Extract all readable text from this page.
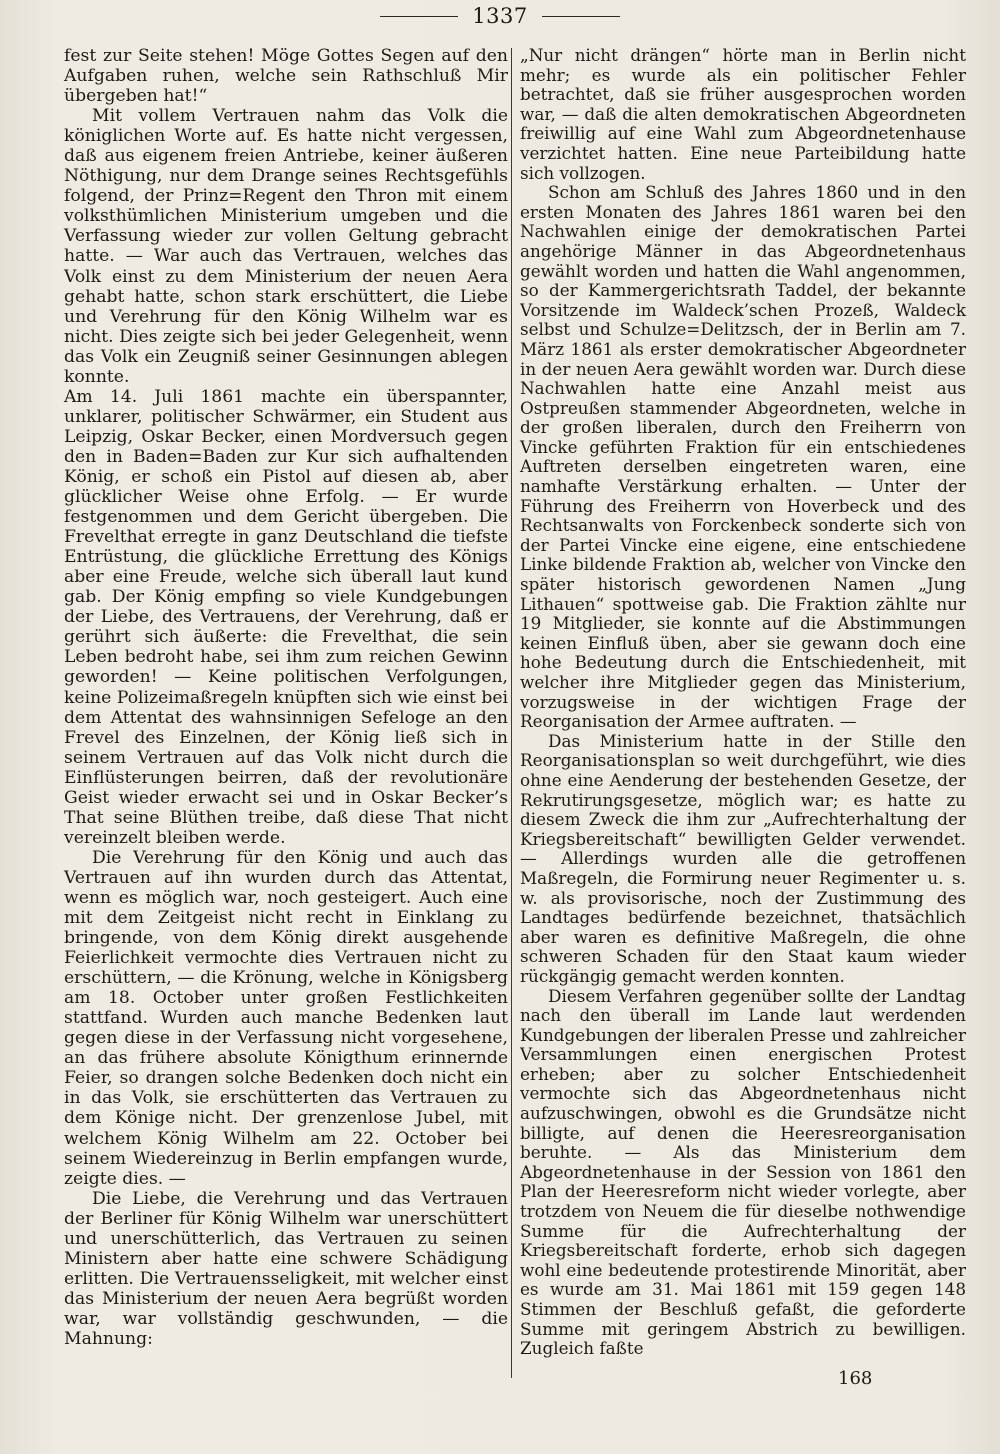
1337

fest zur Seite stehen! Möge Gottes Segen auf den Aufgaben ruhen, welche sein Rathschluß Mir übergeben hat!“

Mit vollem Vertrauen nahm das Volk die königlichen Worte auf. Es hatte nicht vergessen, daß aus eigenem freien Antriebe, keiner äußeren Nöthigung, nur dem Drange seines Rechtsgefühls folgend, der Prinz=Regent den Thron mit einem volksthümlichen Ministerium umgeben und die Verfassung wieder zur vollen Geltung gebracht hatte. — War auch das Vertrauen, welches das Volk einst zu dem Ministerium der neuen Aera gehabt hatte, schon stark erschüttert, die Liebe und Verehrung für den König Wilhelm war es nicht. Dies zeigte sich bei jeder Gelegenheit, wenn das Volk ein Zeugniß seiner Gesinnungen ablegen konnte.

Am 14. Juli 1861 machte ein überspannter, unklarer, politischer Schwärmer, ein Student aus Leipzig, Oskar Becker, einen Mordversuch gegen den in Baden=Baden zur Kur sich aufhaltenden König, er schoß ein Pistol auf diesen ab, aber glücklicher Weise ohne Erfolg. — Er wurde festgenommen und dem Gericht übergeben. Die Frevelthat erregte in ganz Deutschland die tiefste Entrüstung, die glückliche Errettung des Königs aber eine Freude, welche sich überall laut kund gab. Der König empfing so viele Kundgebungen der Liebe, des Vertrauens, der Verehrung, daß er gerührt sich äußerte: die Frevelthat, die sein Leben bedroht habe, sei ihm zum reichen Gewinn geworden! — Keine politischen Verfolgungen, keine Polizeimaßregeln knüpften sich wie einst bei dem Attentat des wahnsinnigen Sefeloge an den Frevel des Einzelnen, der König ließ sich in seinem Vertrauen auf das Volk nicht durch die Einflüsterungen beirren, daß der revolutionäre Geist wieder erwacht sei und in Oskar Becker’s That seine Blüthen treibe, daß diese That nicht vereinzelt bleiben werde.

Die Verehrung für den König und auch das Vertrauen auf ihn wurden durch das Attentat, wenn es möglich war, noch gesteigert. Auch eine mit dem Zeitgeist nicht recht in Einklang zu bringende, von dem König direkt ausgehende Feierlichkeit vermochte dies Vertrauen nicht zu erschüttern, — die Krönung, welche in Königsberg am 18. October unter großen Festlichkeiten stattfand. Wurden auch manche Bedenken laut gegen diese in der Verfassung nicht vorgesehene, an das frühere absolute Königthum erinnernde Feier, so drangen solche Bedenken doch nicht ein in das Volk, sie erschütterten das Vertrauen zu dem Könige nicht. Der grenzenlose Jubel, mit welchem König Wilhelm am 22. October bei seinem Wiedereinzug in Berlin empfangen wurde, zeigte dies. —

Die Liebe, die Verehrung und das Vertrauen der Berliner für König Wilhelm war unerschüttert und unerschütterlich, das Vertrauen zu seinen Ministern aber hatte eine schwere Schädigung erlitten. Die Vertrauensseligkeit, mit welcher einst das Ministerium der neuen Aera begrüßt worden war, war vollständig geschwunden, — die Mahnung:

„Nur nicht drängen“ hörte man in Berlin nicht mehr; es wurde als ein politischer Fehler betrachtet, daß sie früher ausgesprochen worden war, — daß die alten demokratischen Abgeordneten freiwillig auf eine Wahl zum Abgeordnetenhause verzichtet hatten. Eine neue Parteibildung hatte sich vollzogen.

Schon am Schluß des Jahres 1860 und in den ersten Monaten des Jahres 1861 waren bei den Nachwahlen einige der demokratischen Partei angehörige Männer in das Abgeordnetenhaus gewählt worden und hatten die Wahl angenommen, so der Kammergerichtsrath Taddel, der bekannte Vorsitzende im Waldeck’schen Prozeß, Waldeck selbst und Schulze=Delitzsch, der in Berlin am 7. März 1861 als erster demokratischer Abgeordneter in der neuen Aera gewählt worden war. Durch diese Nachwahlen hatte eine Anzahl meist aus Ostpreußen stammender Abgeordneten, welche in der großen liberalen, durch den Freiherrn von Vincke geführten Fraktion für ein entschiedenes Auftreten derselben eingetreten waren, eine namhafte Verstärkung erhalten. — Unter der Führung des Freiherrn von Hoverbeck und des Rechtsanwalts von Forckenbeck sonderte sich von der Partei Vincke eine eigene, eine entschiedene Linke bildende Fraktion ab, welcher von Vincke den später historisch gewordenen Namen „Jung Lithauen“ spottweise gab. Die Fraktion zählte nur 19 Mitglieder, sie konnte auf die Abstimmungen keinen Einfluß üben, aber sie gewann doch eine hohe Bedeutung durch die Entschiedenheit, mit welcher ihre Mitglieder gegen das Ministerium, vorzugsweise in der wichtigen Frage der Reorganisation der Armee auftraten. —

Das Ministerium hatte in der Stille den Reorganisationsplan so weit durchgeführt, wie dies ohne eine Aenderung der bestehenden Gesetze, der Rekrutirungsgesetze, möglich war; es hatte zu diesem Zweck die ihm zur „Aufrechterhaltung der Kriegsbereitschaft“ bewilligten Gelder verwendet. — Allerdings wurden alle die getroffenen Maßregeln, die Formirung neuer Regimenter u. s. w. als provisorische, noch der Zustimmung des Landtages bedürfende bezeichnet, thatsächlich aber waren es definitive Maßregeln, die ohne schweren Schaden für den Staat kaum wieder rückgängig gemacht werden konnten.

Diesem Verfahren gegenüber sollte der Landtag nach den überall im Lande laut werdenden Kundgebungen der liberalen Presse und zahlreicher Versammlungen einen energischen Protest erheben; aber zu solcher Entschiedenheit vermochte sich das Abgeordnetenhaus nicht aufzuschwingen, obwohl es die Grundsätze nicht billigte, auf denen die Heeresreorganisation beruhte. — Als das Ministerium dem Abgeordnetenhause in der Session von 1861 den Plan der Heeresreform nicht wieder vorlegte, aber trotzdem von Neuem die für dieselbe nothwendige Summe für die Aufrechterhaltung der Kriegsbereitschaft forderte, erhob sich dagegen wohl eine bedeutende protestirende Minorität, aber es wurde am 31. Mai 1861 mit 159 gegen 148 Stimmen der Beschluß gefaßt, die geforderte Summe mit geringem Abstrich zu bewilligen. Zugleich faßte

168
